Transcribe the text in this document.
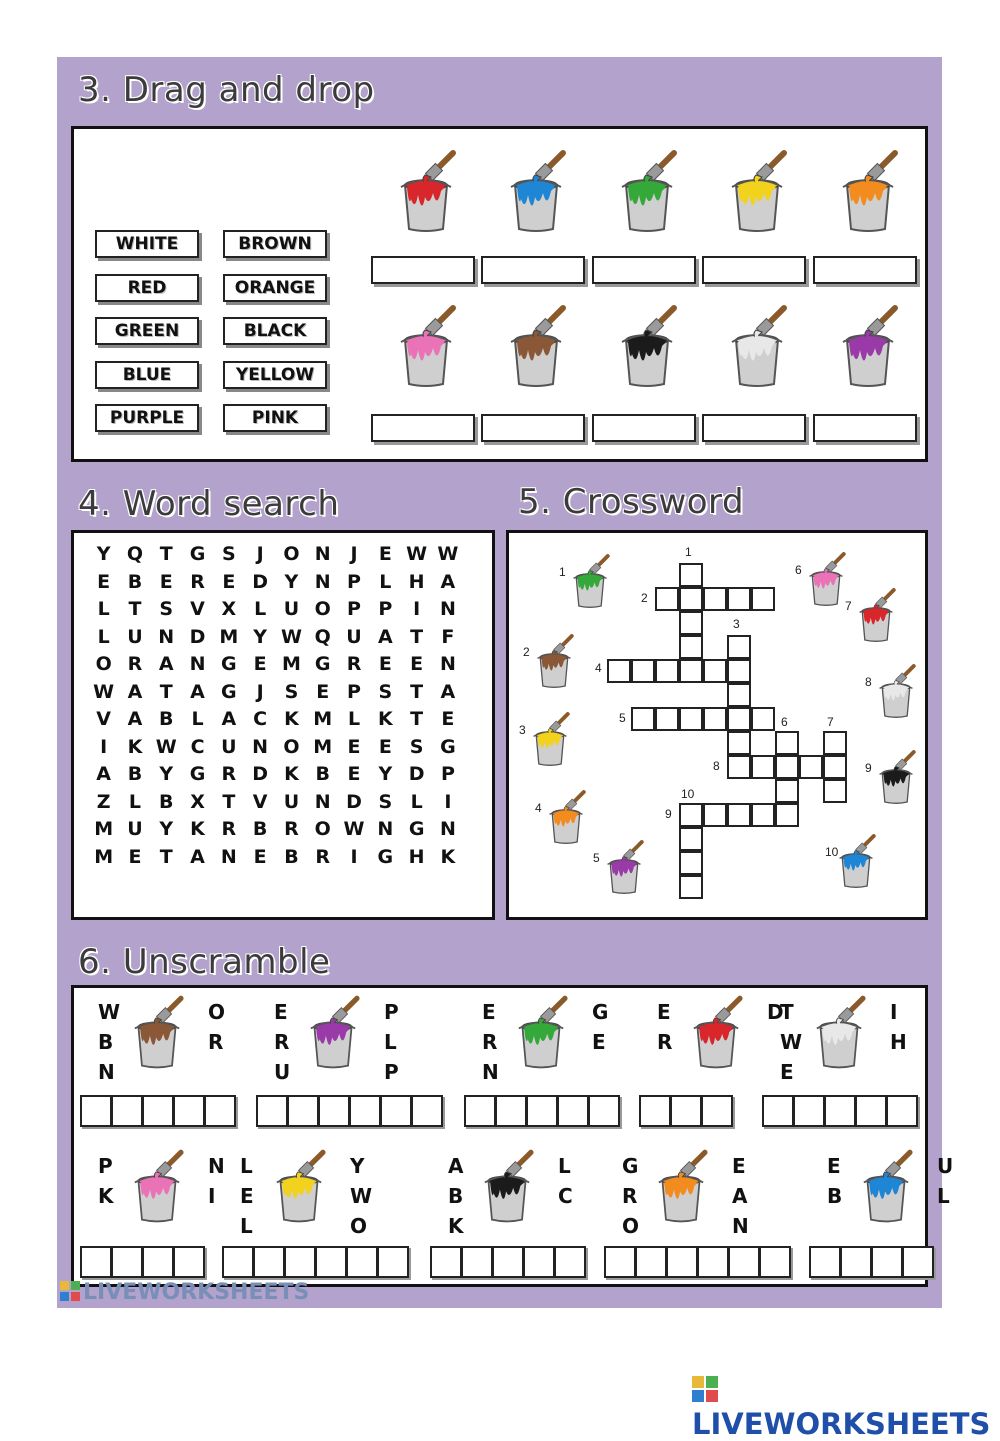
3. Drag and drop
WHITE
RED
GREEN
BLUE
PURPLE
BROWN
ORANGE
BLACK
YELLOW
PINK
4. Word search
Y Q T G S	J	O N	J	E W W
E B E R E D Y N P L H A
L T S V X L U O P P	I	N
L U N D M Y W Q U A T F
O R A N G E M G R E E N
W A T A G	J	S E P S T A
V A B L A C K M L K T E
I	K W C U N O M E E S G
A B Y G R D K B E Y D P
Z L B X T V U N D S L	I
M U Y K R B R O W N G N
M E T A N E B R	I	G H K
5. Crossword
1
2
3
4
5	6	7
8
9
10
1
2
3
4
5
6
7
8
9
10
6. Unscramble
W
B
N
O
R
E
R
U
P
L
P
E
R
N
G
E
E
R
D
T
W
E
I
H
P
K
N
I
L
E
L
Y
W
O
A
B
K
L
C
G
R
O
E
A
N
E
B
U
L
LIVEWORKSHEETS
LIVEWORKSHEETS
